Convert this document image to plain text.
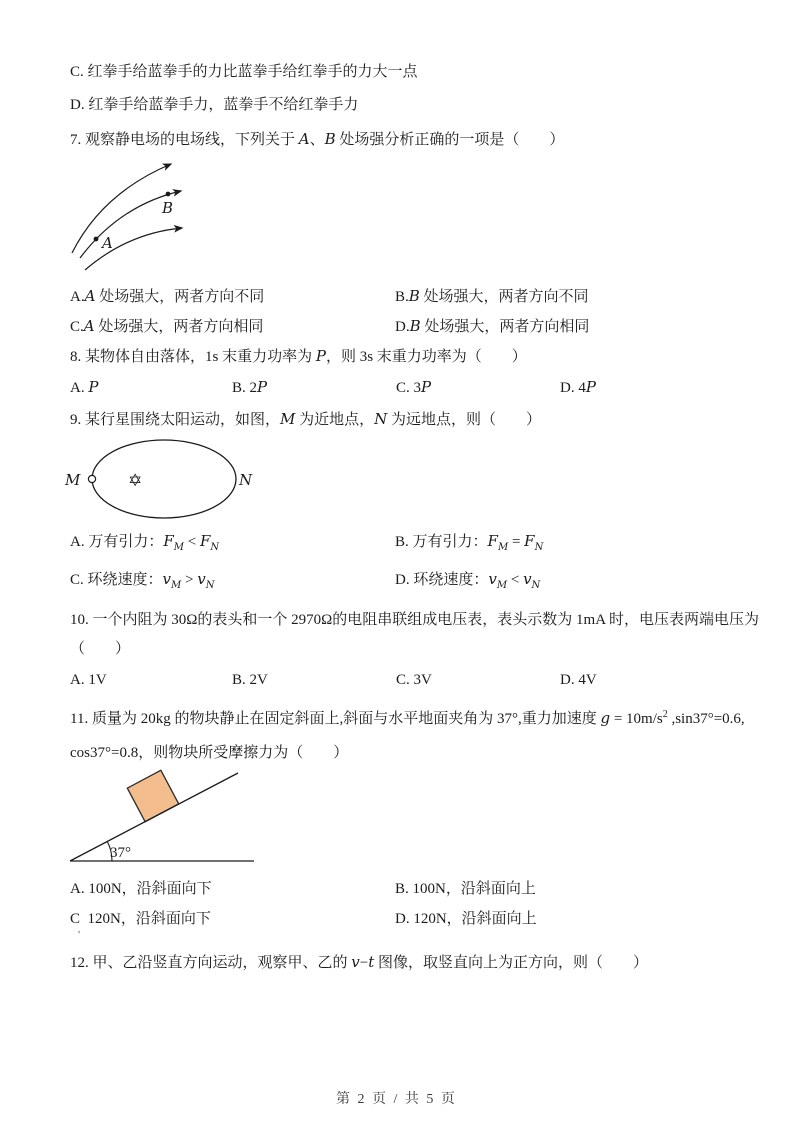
C. 红拳手给蓝拳手的力比蓝拳手给红拳手的力大一点
D. 红拳手给蓝拳手力，蓝拳手不给红拳手力
7. 观察静电场的电场线，下列关于 A、B 处场强分析正确的一项是（　　）
A
B
A.A 处场强大，两者方向不同	B.B 处场强大，两者方向不同
C.A 处场强大，两者方向相同	D.B 处场强大，两者方向相同
8. 某物体自由落体，1s 末重力功率为 P，则 3s 末重力功率为（　　）
A. P	B. 2P	C. 3P	D. 4P
9. 某行星围绕太阳运动，如图，M 为近地点，N 为远地点，则（　　）
M	N
✡
A. 万有引力：$F_M < F_N$	B. 万有引力：$F_M = F_N$
C. 环绕速度：$v_M > v_N$	D. 环绕速度：$v_M < v_N$
10. 一个内阻为 30Ω的表头和一个 2970Ω的电阻串联组成电压表，表头示数为 1mA 时，电压表两端电压为
（　　）
A. 1V	B. 2V	C. 3V	D. 4V
11. 质量为 20kg 的物块静止在固定斜面上,斜面与水平地面夹角为 37°,重力加速度 $g = 10m/s^2$ ,sin37°=0.6,
cos37°=0.8，则物块所受摩擦力为（　　）
37°
A. 100N，沿斜面向下	B. 100N，沿斜面向上
C  120N，沿斜面向下	D. 120N，沿斜面向上
'
12. 甲、乙沿竖直方向运动，观察甲、乙的 v−t 图像，取竖直向上为正方向，则（　　）
第 2 页 / 共 5 页
